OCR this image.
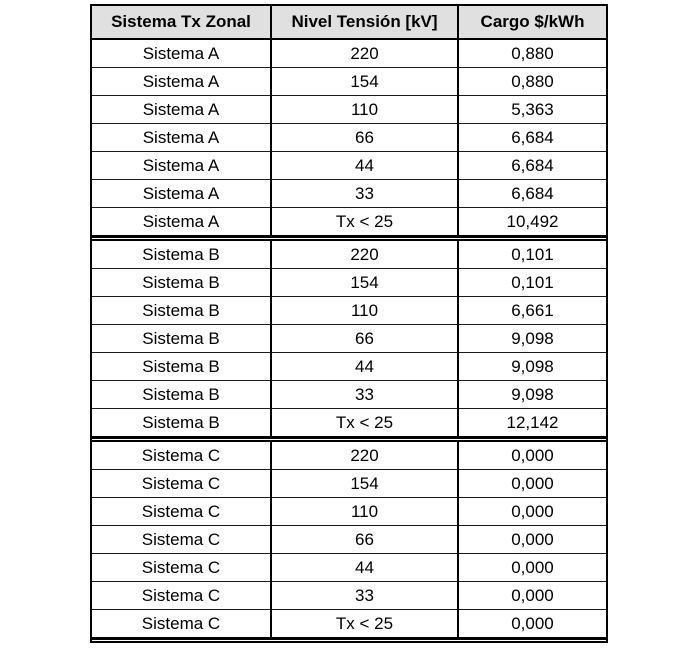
Sistema Tx Zonal	Nivel Tensión [kV]	Cargo $/kWh
Sistema A	220	0,880
Sistema A	154	0,880
Sistema A	110	5,363
Sistema A	66	6,684
Sistema A	44	6,684
Sistema A	33	6,684
Sistema A	Tx < 25	10,492

Sistema B	220	0,101
Sistema B	154	0,101
Sistema B	110	6,661
Sistema B	66	9,098
Sistema B	44	9,098
Sistema B	33	9,098
Sistema B	Tx < 25	12,142

Sistema C	220	0,000
Sistema C	154	0,000
Sistema C	110	0,000
Sistema C	66	0,000
Sistema C	44	0,000
Sistema C	33	0,000
Sistema C	Tx < 25	0,000
